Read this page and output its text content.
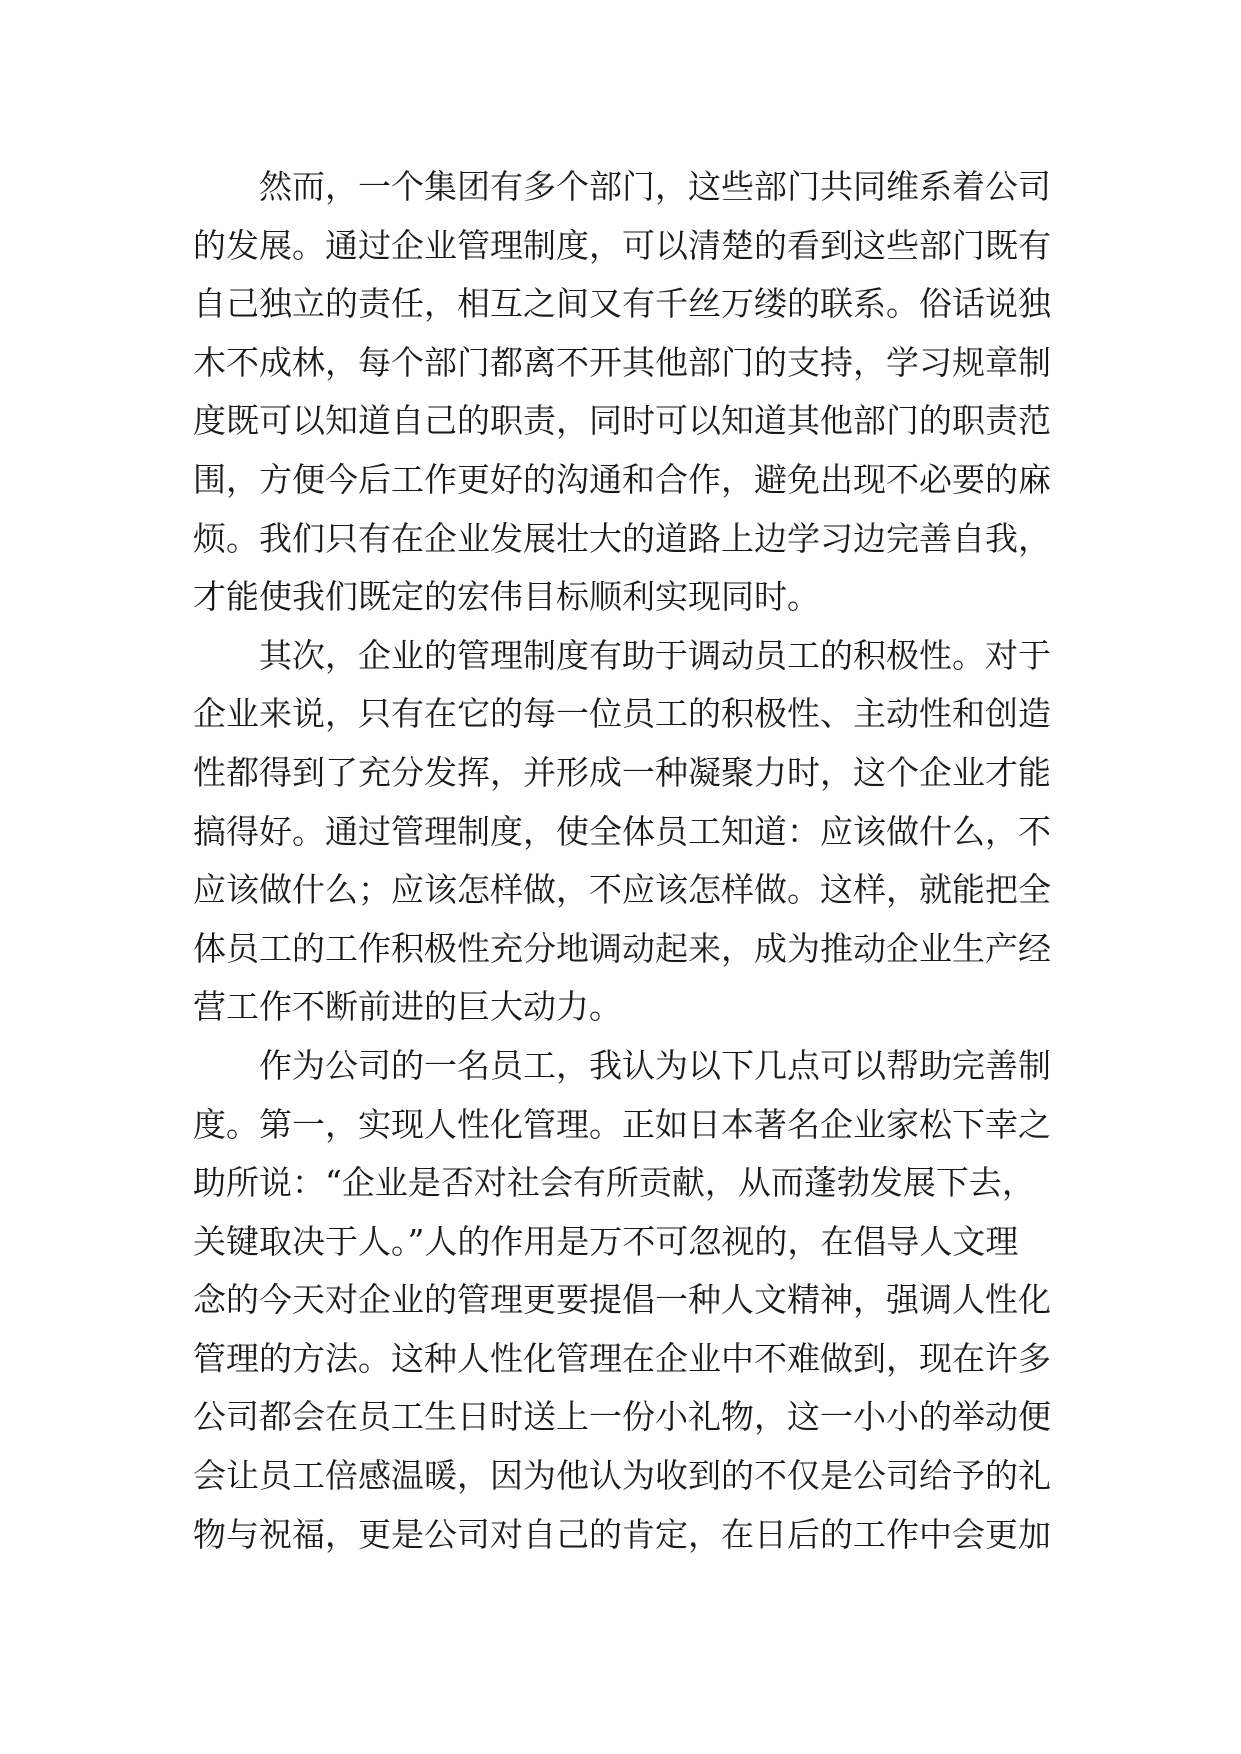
然而，一个集团有多个部门，这些部门共同维系着公司
的发展。通过企业管理制度，可以清楚的看到这些部门既有
自己独立的责任，相互之间又有千丝万缕的联系。俗话说独
木不成林，每个部门都离不开其他部门的支持，学习规章制
度既可以知道自己的职责，同时可以知道其他部门的职责范
围，方便今后工作更好的沟通和合作，避免出现不必要的麻
烦。我们只有在企业发展壮大的道路上边学习边完善自我，
才能使我们既定的宏伟目标顺利实现同时。
其次，企业的管理制度有助于调动员工的积极性。对于
企业来说，只有在它的每一位员工的积极性、主动性和创造
性都得到了充分发挥，并形成一种凝聚力时，这个企业才能
搞得好。通过管理制度，使全体员工知道：应该做什么，不
应该做什么；应该怎样做，不应该怎样做。这样，就能把全
体员工的工作积极性充分地调动起来，成为推动企业生产经
营工作不断前进的巨大动力。
作为公司的一名员工，我认为以下几点可以帮助完善制
度。第一，实现人性化管理。正如日本著名企业家松下幸之
助所说：“企业是否对社会有所贡献，从而蓬勃发展下去，
关键取决于人。”人的作用是万不可忽视的，在倡导人文理
念的今天对企业的管理更要提倡一种人文精神，强调人性化
管理的方法。这种人性化管理在企业中不难做到，现在许多
公司都会在员工生日时送上一份小礼物，这一小小的举动便
会让员工倍感温暖，因为他认为收到的不仅是公司给予的礼
物与祝福，更是公司对自己的肯定，在日后的工作中会更加
